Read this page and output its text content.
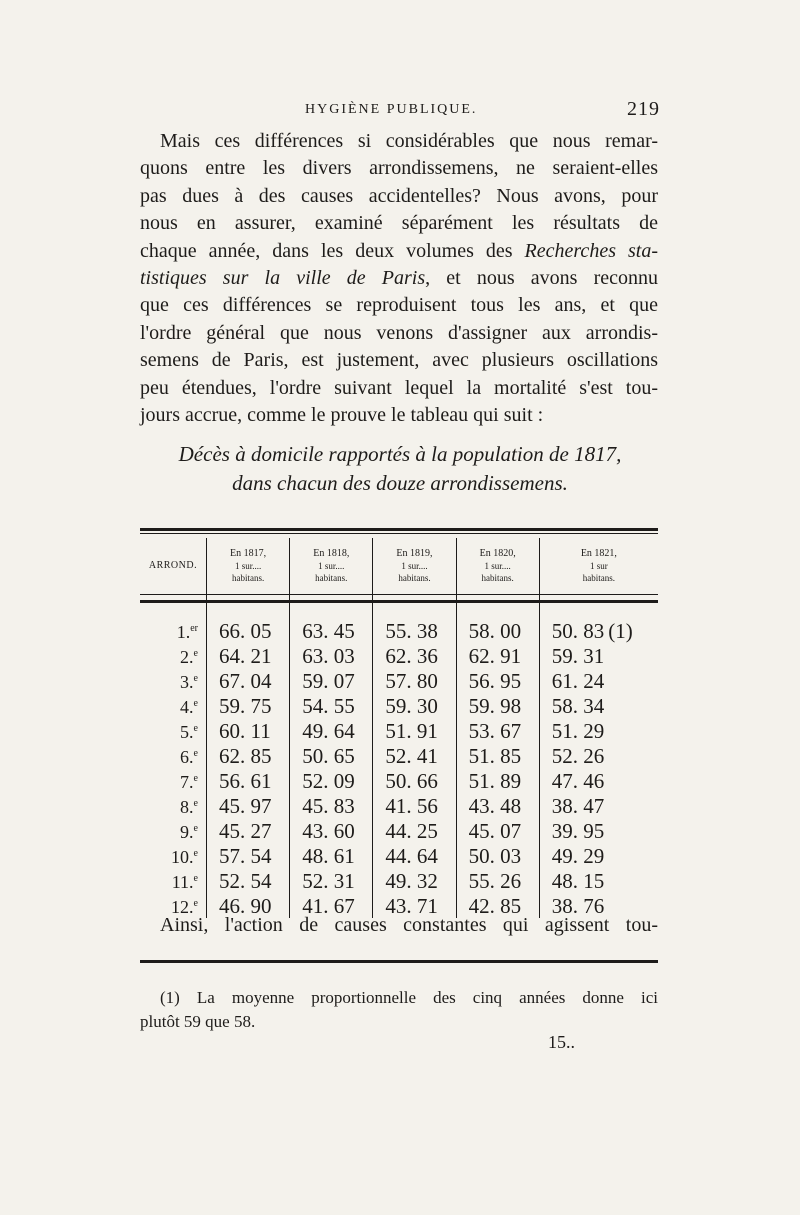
HYGIÈNE PUBLIQUE.	219
Mais ces différences si considérables que nous remar-
quons entre les divers arrondissemens, ne seraient-elles
pas dues à des causes accidentelles? Nous avons, pour
nous en assurer, examiné séparément les résultats de
chaque année, dans les deux volumes des Recherches sta-
tistiques sur la ville de Paris, et nous avons reconnu
que ces différences se reproduisent tous les ans, et que
l'ordre général que nous venons d'assigner aux arrondis-
semens de Paris, est justement, avec plusieurs oscillations
peu étendues, l'ordre suivant lequel la mortalité s'est tou-
jours accrue, comme le prouve le tableau qui suit :
Décès à domicile rapportés à la population de 1817,
dans chacun des douze arrondissemens.
ARROND.	En 1817,
1 sur....
habitans.	En 1818,
1 sur....
habitans.	En 1819,
1 sur....
habitans.	En 1820,
1 sur....
habitans.	En 1821,
1 sur
habitans.

1.$^{er}$	66. 05	63. 45	55. 38	58. 00	50. 83 (1)
2.$^e$	64. 21	63. 03	62. 36	62. 91	59. 31
3.$^e$	67. 04	59. 07	57. 80	56. 95	61. 24
4.$^e$	59. 75	54. 55	59. 30	59. 98	58. 34
5.$^e$	60. 11	49. 64	51. 91	53. 67	51. 29
6.$^e$	62. 85	50. 65	52. 41	51. 85	52. 26
7.$^e$	56. 61	52. 09	50. 66	51. 89	47. 46
8.$^e$	45. 97	45. 83	41. 56	43. 48	38. 47
9.$^e$	45. 27	43. 60	44. 25	45. 07	39. 95
10.$^e$	57. 54	48. 61	44. 64	50. 03	49. 29
11.$^e$	52. 54	52. 31	49. 32	55. 26	48. 15
12.$^e$	46. 90	41. 67	43. 71	42. 85	38. 76
Ainsi, l'action de causes constantes qui agissent tou-
(1) La moyenne proportionnelle des cinq années donne ici
plutôt 59 que 58.
15..
